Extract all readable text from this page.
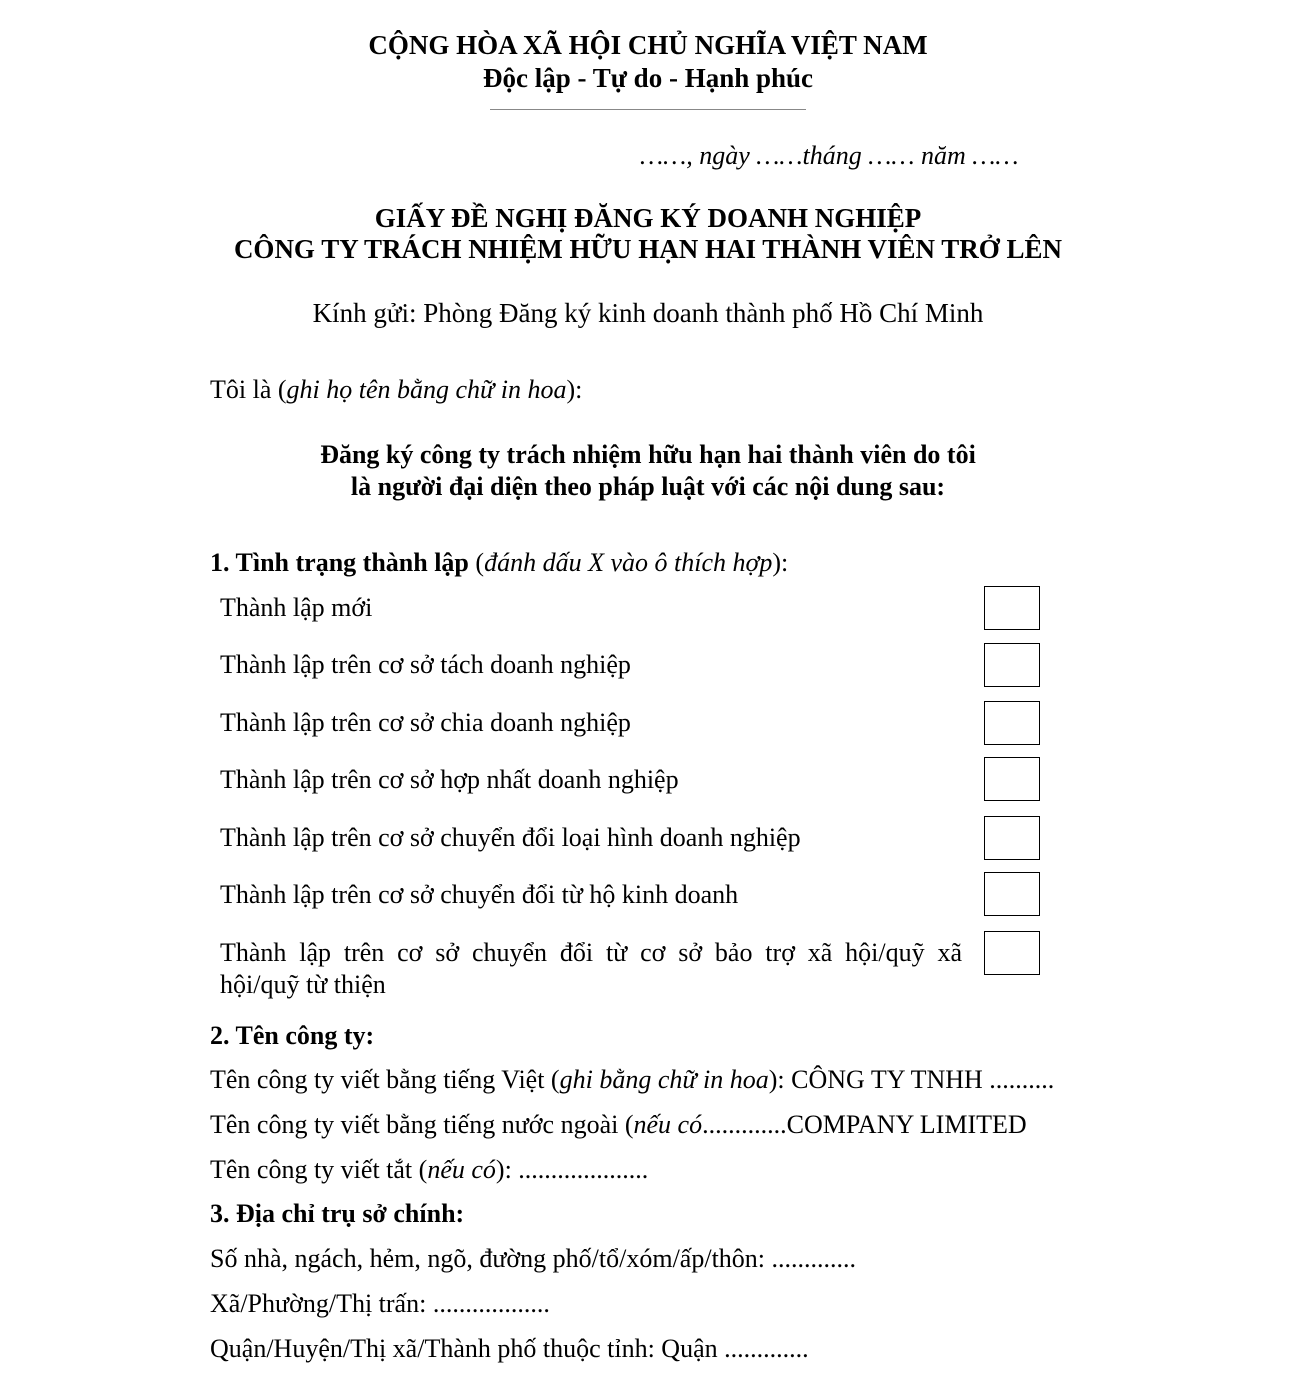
CỘNG HÒA XÃ HỘI CHỦ NGHĨA VIỆT NAM
Độc lập - Tự do - Hạnh phúc
……, ngày ……tháng …… năm ……
GIẤY ĐỀ NGHỊ ĐĂNG KÝ DOANH NGHIỆP
CÔNG TY TRÁCH NHIỆM HỮU HẠN HAI THÀNH VIÊN TRỞ LÊN
Kính gửi: Phòng Đăng ký kinh doanh thành phố Hồ Chí Minh
Tôi là (ghi họ tên bằng chữ in hoa):
Đăng ký công ty trách nhiệm hữu hạn hai thành viên do tôi
là người đại diện theo pháp luật với các nội dung sau:
1. Tình trạng thành lập (đánh dấu X vào ô thích hợp):
Thành lập mới
Thành lập trên cơ sở tách doanh nghiệp
Thành lập trên cơ sở chia doanh nghiệp
Thành lập trên cơ sở hợp nhất doanh nghiệp
Thành lập trên cơ sở chuyển đổi loại hình doanh nghiệp
Thành lập trên cơ sở chuyển đổi từ hộ kinh doanh
Thành lập trên cơ sở chuyển đổi từ cơ sở bảo trợ xã hội/quỹ xã
hội/quỹ từ thiện
2. Tên công ty:
Tên công ty viết bằng tiếng Việt (ghi bằng chữ in hoa): CÔNG TY TNHH ..........
Tên công ty viết bằng tiếng nước ngoài (nếu có.............COMPANY LIMITED
Tên công ty viết tắt (nếu có): ....................
3. Địa chỉ trụ sở chính:
Số nhà, ngách, hẻm, ngõ, đường phố/tổ/xóm/ấp/thôn: .............
Xã/Phường/Thị trấn: ..................
Quận/Huyện/Thị xã/Thành phố thuộc tỉnh: Quận .............
